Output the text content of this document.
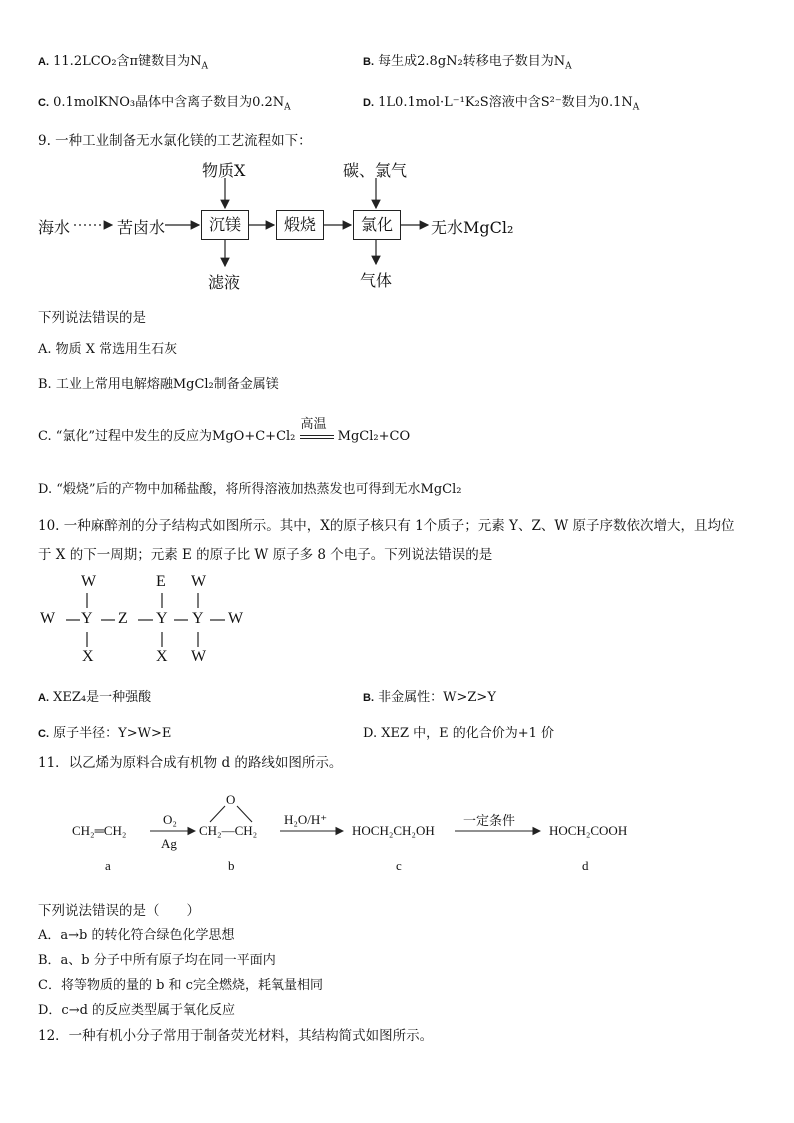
A. 11.2LCO₂含π键数目为$N_A$	B. 每生成2.8gN₂转移电子数目为$N_A$
C. 0.1molKNO₃晶体中含离子数目为$0.2N_A$	D. 1L0.1mol·L⁻¹K₂S溶液中含S²⁻数目为$0.1N_A$
9. 一种工业制备无水氯化镁的工艺流程如下：
物质X	碳、氯气
海水	苦卤水	沉镁	煅烧	氯化	无水MgCl₂
滤液	气体
下列说法错误的是
A. 物质 X 常选用生石灰
B. 工业上常用电解熔融MgCl₂制备金属镁
C. “氯化”过程中发生的反应为MgO+C+Cl₂
高温
MgCl₂+CO
D. “煅烧”后的产物中加稀盐酸，将所得溶液加热蒸发也可得到无水MgCl₂
10. 一种麻醉剂的分子结构式如图所示。其中，X的原子核只有 1个质子；元素 Y、Z、W 原子序数依次增大，且均位
于 X 的下一周期；元素 E 的原子比 W 原子多 8 个电子。下列说法错误的是
W	E W
W Y Z Y Y W
X	X W
A. XEZ₄是一种强酸	B. 非金属性：W>Z>Y
C. 原子半径：Y>W>E	D. XEZ 中，E 的化合价为+1 价
11．以乙烯为原料合成有机物 d 的路线如图所示。
CH₂═CH₂
O₂
Ag
O
CH₂—CH₂
H₂O/H⁺
HOCH₂CH₂OH
一定条件
HOCH₂COOH
a	b	c	d
下列说法错误的是（　　）
A．a→b 的转化符合绿色化学思想
B．a、b 分子中所有原子均在同一平面内
C．将等物质的量的 b 和 c完全燃烧，耗氧量相同
D．c→d 的反应类型属于氧化反应
12．一种有机小分子常用于制备荧光材料，其结构简式如图所示。
